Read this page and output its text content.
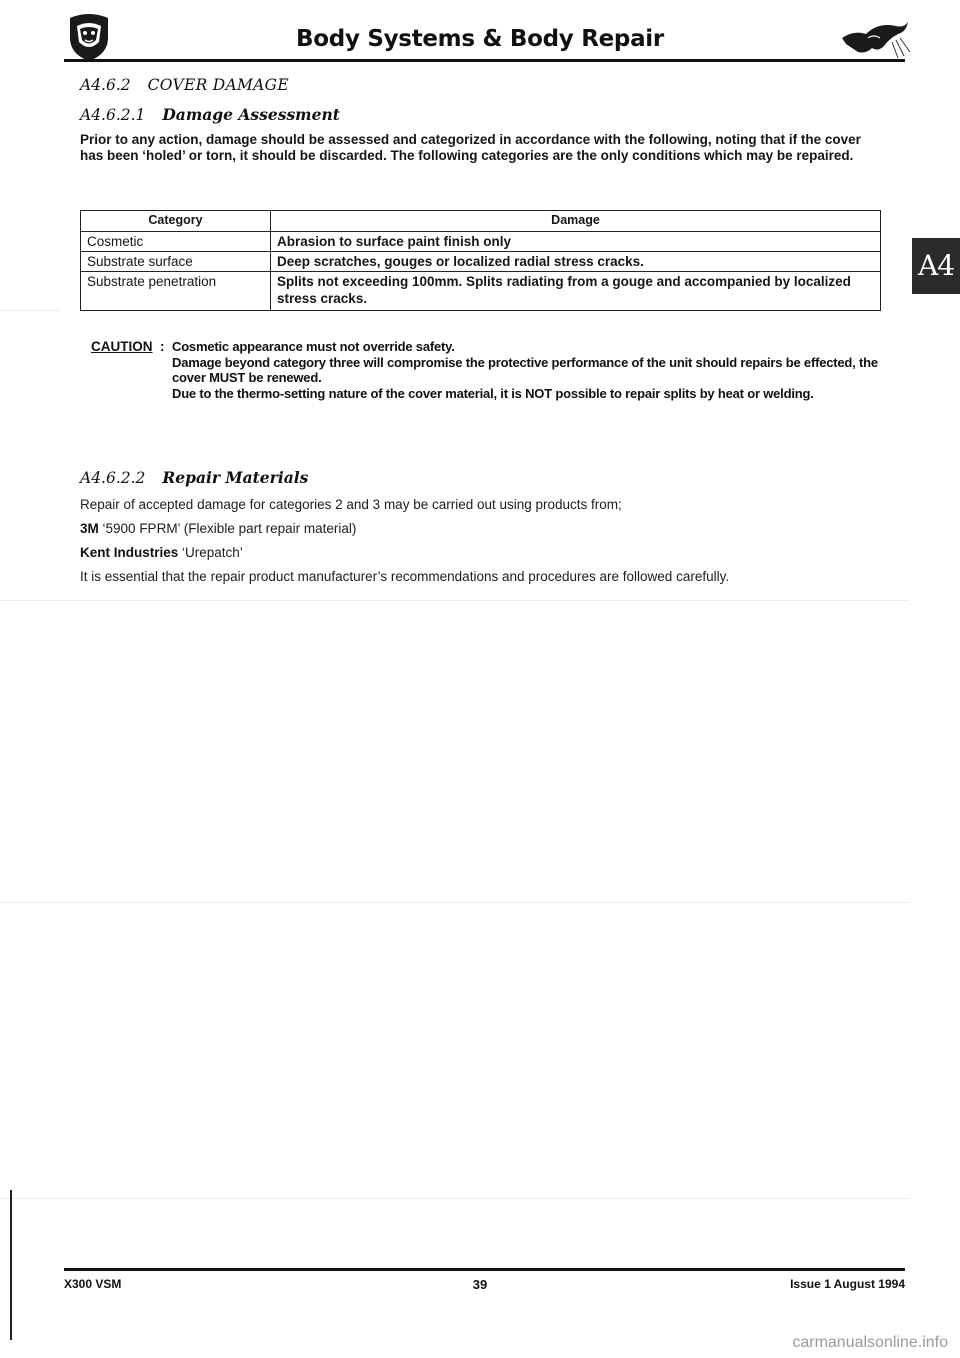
Body Systems & Body Repair
A4.6.2 COVER DAMAGE
A4.6.2.1 Damage Assessment
Prior to any action, damage should be assessed and categorized in accordance with the following, noting that if the cover has been ‘holed’ or torn, it should be discarded. The following categories are the only conditions which may be repaired.
Category	Damage
Cosmetic	Abrasion to surface paint finish only
Substrate surface	Deep scratches, gouges or localized radial stress cracks.
Substrate penetration	Splits not exceeding 100mm. Splits radiating from a gouge and accompanied by localized stress cracks.
A4
CAUTION : Cosmetic appearance must not override safety.
Damage beyond category three will compromise the protective performance of the unit should repairs be effected, the cover MUST be renewed.
Due to the thermo-setting nature of the cover material, it is NOT possible to repair splits by heat or welding.
A4.6.2.2 Repair Materials
Repair of accepted damage for categories 2 and 3 may be carried out using products from;
3M ‘5900 FPRM’ (Flexible part repair material)
Kent Industries ‘Urepatch’
It is essential that the repair product manufacturer’s recommendations and procedures are followed carefully.
X300 VSM	39	Issue 1 August 1994
carmanualsonline.info
